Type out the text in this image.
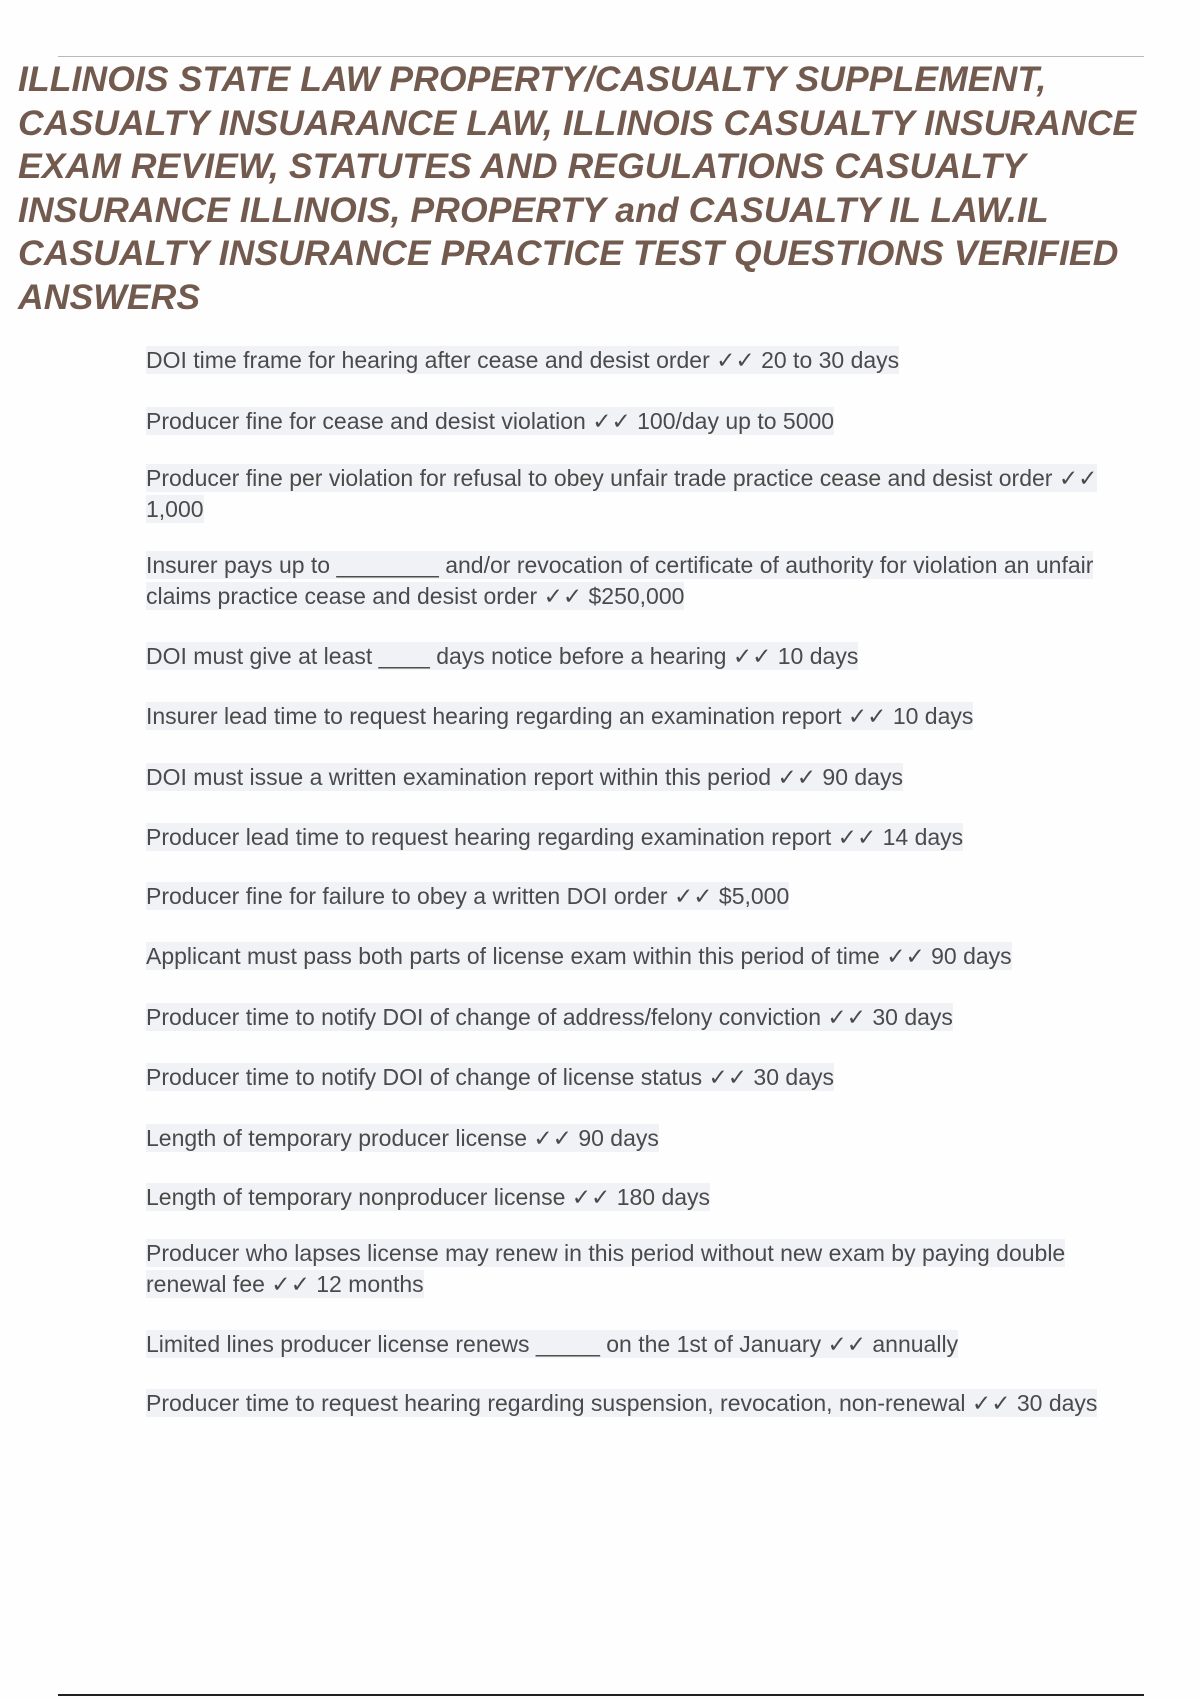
ILLINOIS STATE LAW PROPERTY/CASUALTY SUPPLEMENT, CASUALTY INSUARANCE LAW, ILLINOIS CASUALTY INSURANCE EXAM REVIEW, STATUTES AND REGULATIONS CASUALTY INSURANCE ILLINOIS, PROPERTY and CASUALTY IL LAW.IL CASUALTY INSURANCE PRACTICE TEST QUESTIONS VERIFIED ANSWERS
DOI time frame for hearing after cease and desist order ✓✓ 20 to 30 days
Producer fine for cease and desist violation ✓✓ 100/day up to 5000
Producer fine per violation for refusal to obey unfair trade practice cease and desist order ✓✓ 1,000
Insurer pays up to ________ and/or revocation of certificate of authority for violation an unfair claims practice cease and desist order ✓✓ $250,000
DOI must give at least ____ days notice before a hearing ✓✓ 10 days
Insurer lead time to request hearing regarding an examination report ✓✓ 10 days
DOI must issue a written examination report within this period ✓✓ 90 days
Producer lead time to request hearing regarding examination report ✓✓ 14 days
Producer fine for failure to obey a written DOI order ✓✓ $5,000
Applicant must pass both parts of license exam within this period of time ✓✓ 90 days
Producer time to notify DOI of change of address/felony conviction ✓✓ 30 days
Producer time to notify DOI of change of license status ✓✓ 30 days
Length of temporary producer license ✓✓ 90 days
Length of temporary nonproducer license ✓✓ 180 days
Producer who lapses license may renew in this period without new exam by paying double renewal fee ✓✓ 12 months
Limited lines producer license renews _____ on the 1st of January ✓✓ annually
Producer time to request hearing regarding suspension, revocation, non-renewal ✓✓ 30 days
